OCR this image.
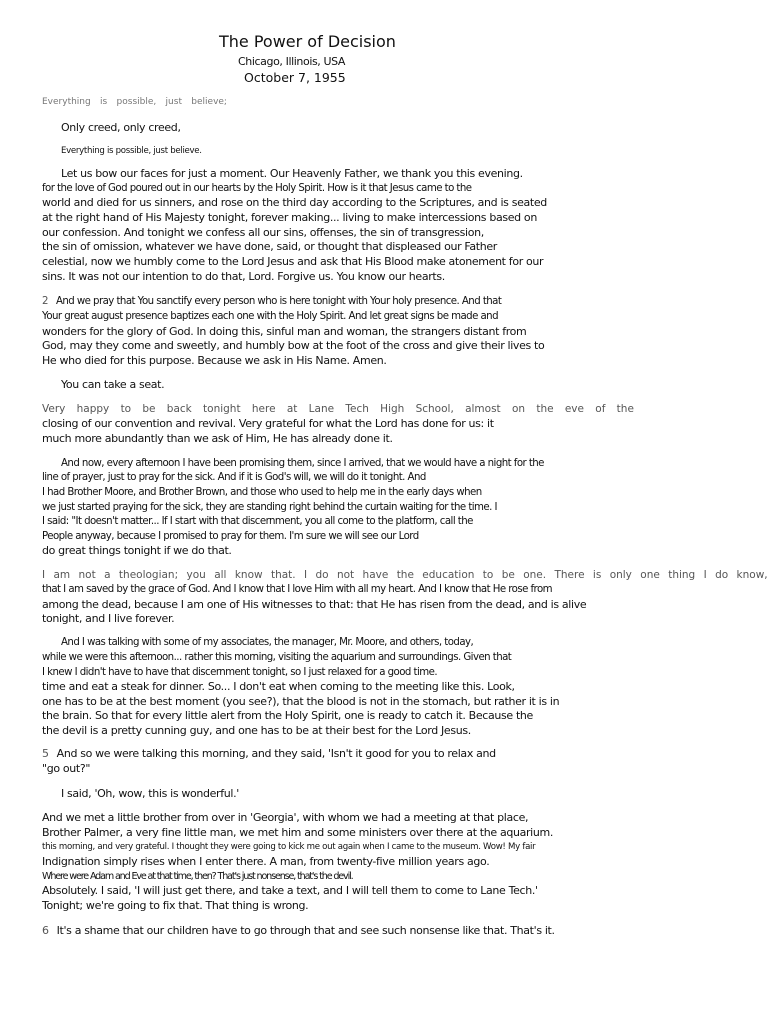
The Power of Decision
Chicago, Illinois, USA
October 7, 1955
Everything is possible, just believe;
Only creed, only creed,
Everything is possible, just believe.
Let us bow our faces for just a moment. Our Heavenly Father, we thank you this evening.
for the love of God poured out in our hearts by the Holy Spirit. How is it that Jesus came to the
world and died for us sinners, and rose on the third day according to the Scriptures, and is seated
at the right hand of His Majesty tonight, forever making... living to make intercessions based on
our confession. And tonight we confess all our sins, offenses, the sin of transgression,
the sin of omission, whatever we have done, said, or thought that displeased our Father
celestial, now we humbly come to the Lord Jesus and ask that His Blood make atonement for our
sins. It was not our intention to do that, Lord. Forgive us. You know our hearts.
2 And we pray that You sanctify every person who is here tonight with Your holy presence. And that
Your great august presence baptizes each one with the Holy Spirit. And let great signs be made and
wonders for the glory of God. In doing this, sinful man and woman, the strangers distant from
God, may they come and sweetly, and humbly bow at the foot of the cross and give their lives to
He who died for this purpose. Because we ask in His Name. Amen.
You can take a seat.
Very happy to be back tonight here at Lane Tech High School, almost on the eve of the
closing of our convention and revival. Very grateful for what the Lord has done for us: it
much more abundantly than we ask of Him, He has already done it.
And now, every afternoon I have been promising them, since I arrived, that we would have a night for the
line of prayer, just to pray for the sick. And if it is God's will, we will do it tonight. And
I had Brother Moore, and Brother Brown, and those who used to help me in the early days when
we just started praying for the sick, they are standing right behind the curtain waiting for the time. I
I said: "It doesn't matter... If I start with that discernment, you all come to the platform, call the
People anyway, because I promised to pray for them. I'm sure we will see our Lord
do great things tonight if we do that.
I am not a theologian; you all know that. I do not have the education to be one. There is only one thing I do know,
that I am saved by the grace of God. And I know that I love Him with all my heart. And I know that He rose from
among the dead, because I am one of His witnesses to that: that He has risen from the dead, and is alive
tonight, and I live forever.
And I was talking with some of my associates, the manager, Mr. Moore, and others, today,
while we were this afternoon... rather this morning, visiting the aquarium and surroundings. Given that
I knew I didn't have to have that discernment tonight, so I just relaxed for a good time.
time and eat a steak for dinner. So... I don't eat when coming to the meeting like this. Look,
one has to be at the best moment (you see?), that the blood is not in the stomach, but rather it is in
the brain. So that for every little alert from the Holy Spirit, one is ready to catch it. Because the
the devil is a pretty cunning guy, and one has to be at their best for the Lord Jesus.
5 And so we were talking this morning, and they said, 'Isn't it good for you to relax and
"go out?"
I said, 'Oh, wow, this is wonderful.'
And we met a little brother from over in 'Georgia', with whom we had a meeting at that place,
Brother Palmer, a very fine little man, we met him and some ministers over there at the aquarium.
this morning, and very grateful. I thought they were going to kick me out again when I came to the museum. Wow! My fair
Indignation simply rises when I enter there. A man, from twenty-five million years ago.
Where were Adam and Eve at that time, then? That's just nonsense, that's the devil.
Absolutely. I said, 'I will just get there, and take a text, and I will tell them to come to Lane Tech.'
Tonight; we're going to fix that. That thing is wrong.
6 It's a shame that our children have to go through that and see such nonsense like that. That's it.
